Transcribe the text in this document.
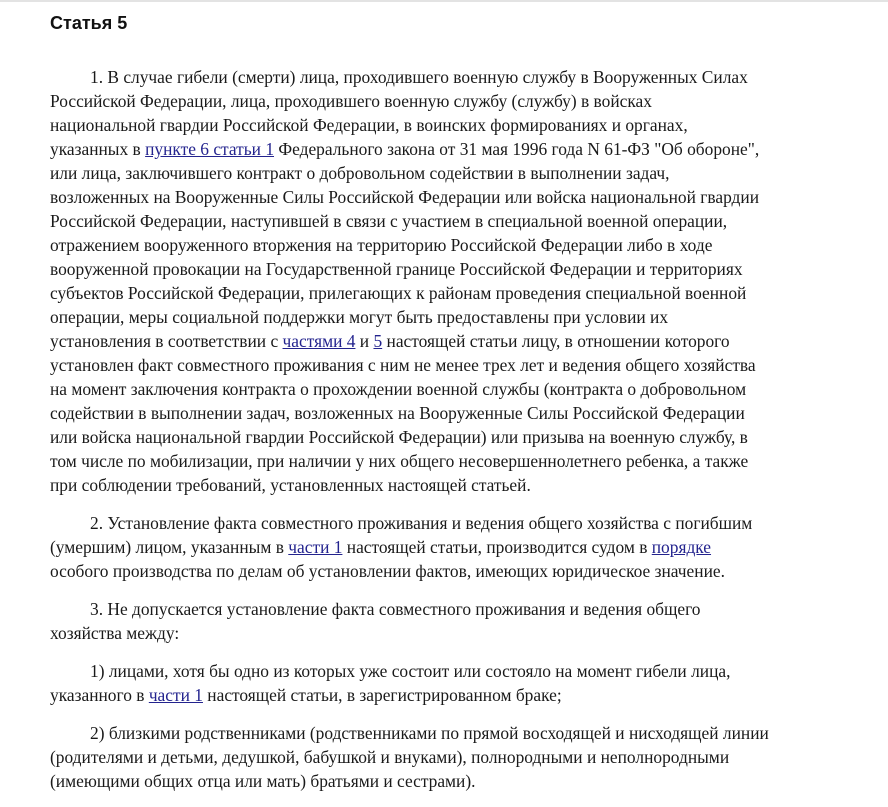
Статья 5

1. В случае гибели (смерти) лица, проходившего военную службу в Вооруженных Силах
Российской Федерации, лица, проходившего военную службу (службу) в войсках
национальной гвардии Российской Федерации, в воинских формированиях и органах,
указанных в пункте 6 статьи 1 Федерального закона от 31 мая 1996 года N 61-ФЗ "Об обороне",
или лица, заключившего контракт о добровольном содействии в выполнении задач,
возложенных на Вооруженные Силы Российской Федерации или войска национальной гвардии
Российской Федерации, наступившей в связи с участием в специальной военной операции,
отражением вооруженного вторжения на территорию Российской Федерации либо в ходе
вооруженной провокации на Государственной границе Российской Федерации и территориях
субъектов Российской Федерации, прилегающих к районам проведения специальной военной
операции, меры социальной поддержки могут быть предоставлены при условии их
установления в соответствии с частями 4 и 5 настоящей статьи лицу, в отношении которого
установлен факт совместного проживания с ним не менее трех лет и ведения общего хозяйства
на момент заключения контракта о прохождении военной службы (контракта о добровольном
содействии в выполнении задач, возложенных на Вооруженные Силы Российской Федерации
или войска национальной гвардии Российской Федерации) или призыва на военную службу, в
том числе по мобилизации, при наличии у них общего несовершеннолетнего ребенка, а также
при соблюдении требований, установленных настоящей статьей.

2. Установление факта совместного проживания и ведения общего хозяйства с погибшим
(умершим) лицом, указанным в части 1 настоящей статьи, производится судом в порядке
особого производства по делам об установлении фактов, имеющих юридическое значение.

3. Не допускается установление факта совместного проживания и ведения общего
хозяйства между:

1) лицами, хотя бы одно из которых уже состоит или состояло на момент гибели лица,
указанного в части 1 настоящей статьи, в зарегистрированном браке;

2) близкими родственниками (родственниками по прямой восходящей и нисходящей линии
(родителями и детьми, дедушкой, бабушкой и внуками), полнородными и неполнородными
(имеющими общих отца или мать) братьями и сестрами).
